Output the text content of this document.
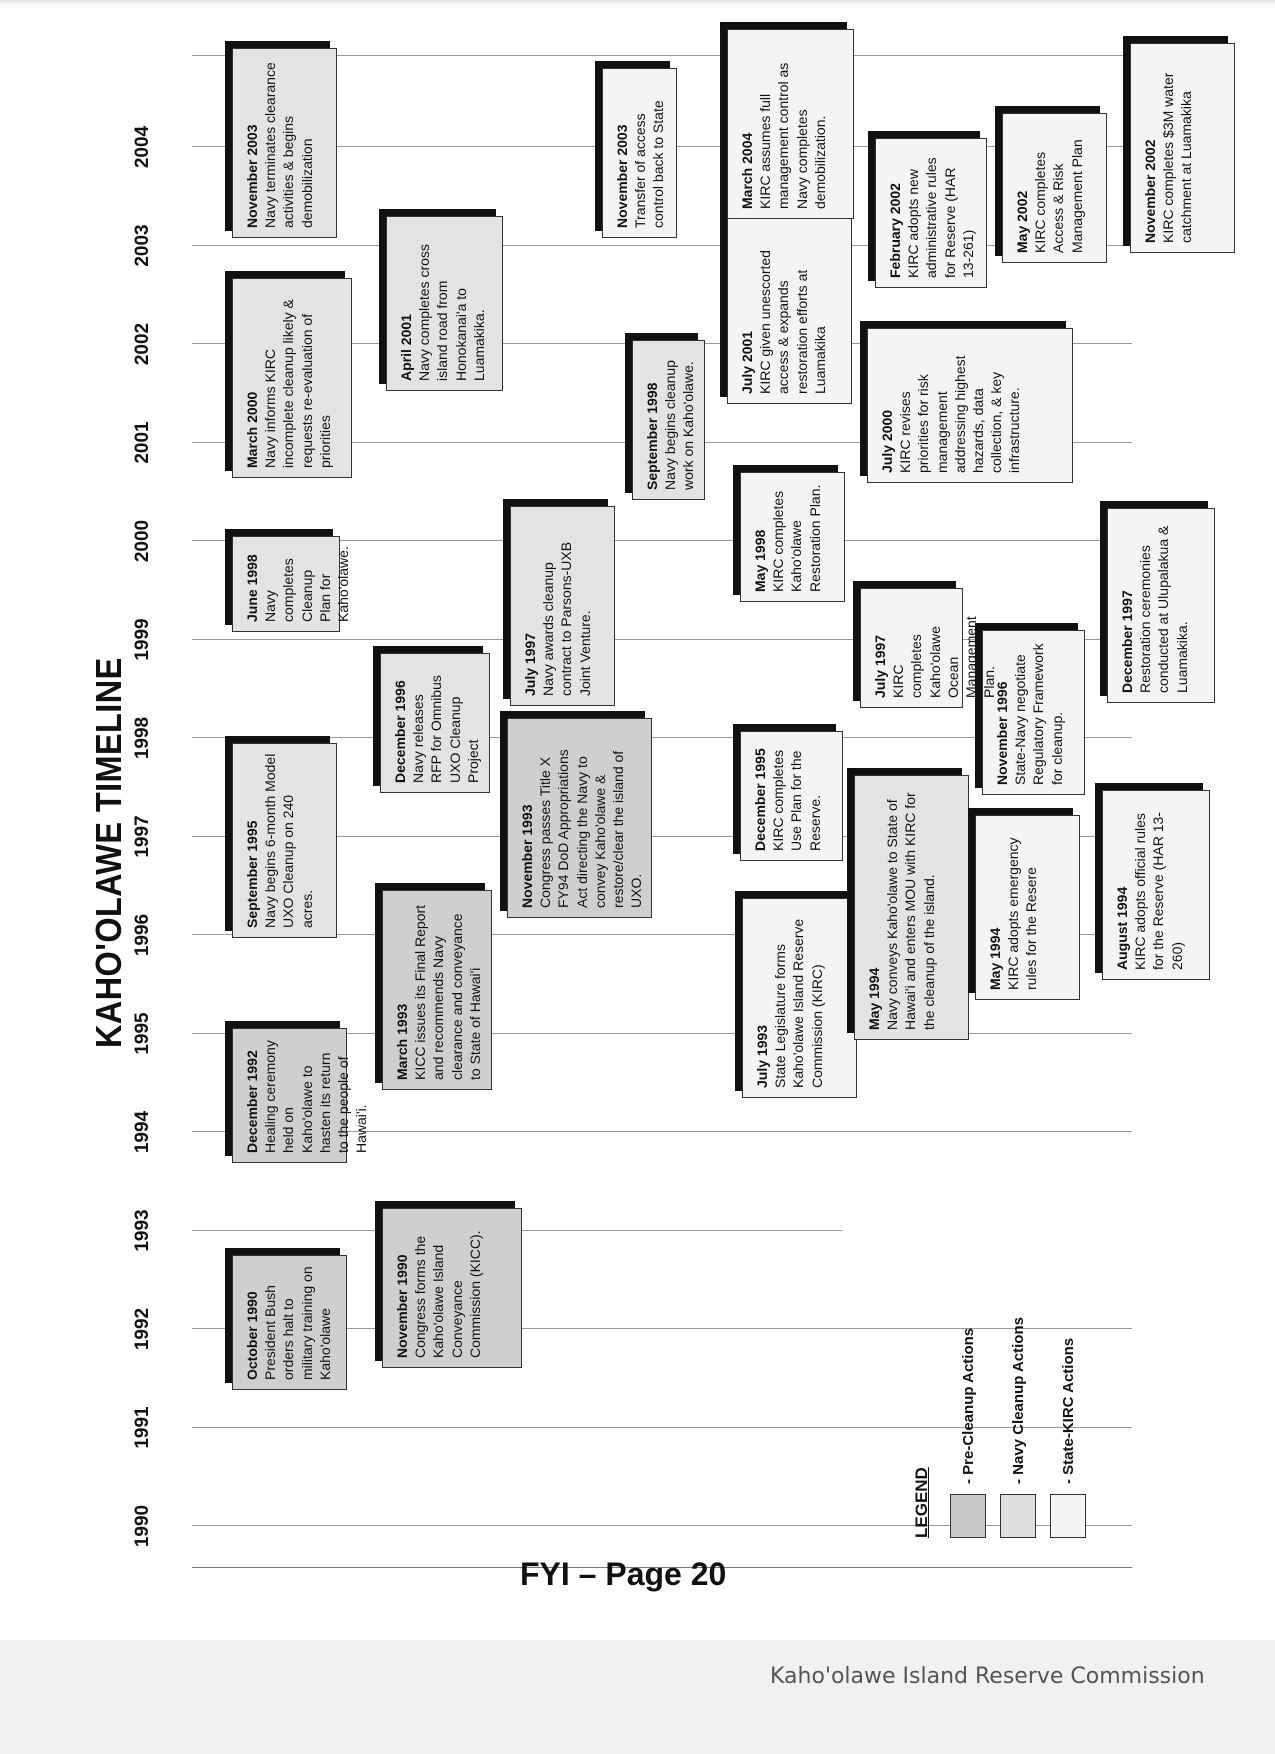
KAHO'OLAWE TIMELINE
1990
1991
1992
1993
1994
1995
1996
1997
1998
1999
2000
2001
2002
2003
2004
October 1990 President Bush orders halt to military training on Kaho'olawe	November 1990 Congress forms the Kaho'olawe Island Conveyance Commission (KICC).
December 1992 Healing ceremony held on Kaho'olawe to hasten its return to the people of Hawai'i.
March 1993 KICC issues its Final Report and recommends Navy clearance and conveyance to State of Hawai'i
November 1993 Congress passes Title X FY94 DoD Appropriations Act directing the Navy to convey Kaho'olawe & restore/clear the island of UXO.
July 1993 State Legislature forms Kaho'olawe Island Reserve Commission (KIRC)	May 1994 Navy conveys Kaho'olawe to State of Hawai'i and enters MOU with KIRC for the cleanup of the island.	May 1994 KIRC adopts emergency rules for the Resere	August 1994 KIRC adopts official rules for the Reserve (HAR 13-260)
September 1995 Navy begins 6-month Model UXO Cleanup on 240 acres.
December 1995 KIRC completes Use Plan for the Reserve.
December 1996 Navy releases RFP for Omnibus UXO Cleanup Project	November 1996 State-Navy negotiate Regulatory Framework for cleanup.
July 1997 Navy awards cleanup contract to Parsons-UXB Joint Venture.	July 1997 KIRC completes Kaho'olawe Ocean Management Plan.	December 1997 Restoration ceremonies conducted at Ulupalakua & Luamakika.
June 1998 Navy completes Cleanup Plan for Kaho'olawe.
September 1998 Navy begins cleanup work on Kaho'olawe.
May 1998 KIRC completes Kaho'olawe Restoration Plan.
March 2000 Navy informs KIRC incomplete cleanup likely & requests re-evaluation of priorities	July 2000 KIRC revises priorities for risk management addressing highest hazards, data collection, & key infrastructure.
April 2001 Navy completes cross island road from Honokanai'a to Luamakika.	July 2001 KIRC given unescorted access & expands restoration efforts at Luamakika
February 2002 KIRC adopts new administrative rules for Reserve (HAR 13-261)
May 2002 KIRC completes Access & Risk Management Plan	November 2002 KIRC completes $3M water catchment at Luamakika
November 2003 Navy terminates clearance activities & begins demobilization	November 2003 Transfer of access control back to State	March 2004 KIRC assumes full management control as Navy completes demobilization.
LEGEND
- Pre-Cleanup Actions - Navy Cleanup Actions - State-KIRC Actions
FYI – Page 20

Kaho'olawe Island Reserve Commission
